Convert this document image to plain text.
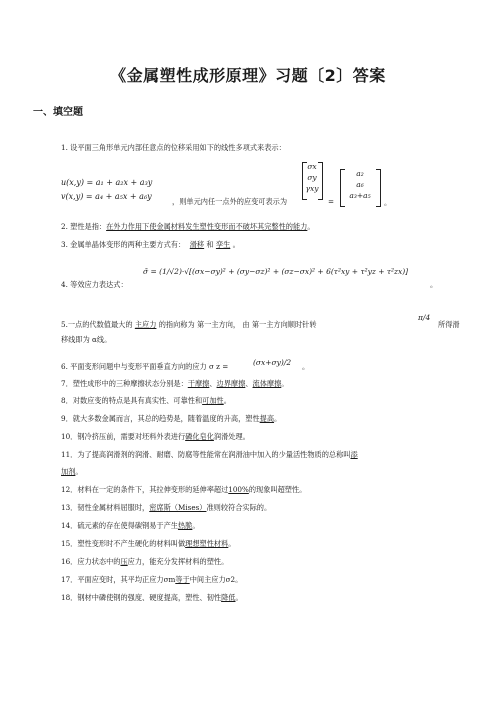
《金属塑性成形原理》习题〔2〕答案
一、填空题
1. 设平面三角形单元内部任意点的位移采用如下的线性多项式来表示：
u(x,y) = a₁ + a₂x + a₃y
v(x,y) = a₄ + a₅x + a₆y
，则单元内任一点外的应变可表示为
σx
σy
γxy
=
a₂
a₆
a₃+a₅
。
2. 塑性是指：在外力作用下使金属材料发生塑性变形而不破坏其完整性的能力。
3. 金属单晶体变形的两种主要方式有： 滑移 和 孪生 。
4. 等效应力表达式：
σ̄ = (1/√2)·√[(σx−σy)² + (σy−σz)² + (σz−σx)² + 6(τ²xy + τ²yz + τ²zx)]
。
5.一点的代数值最大的 主应力 的指向称为 第一主方向， 由 第一主方向顺时针转
π/4
所得滑
移线即为 α线。
6. 平面变形问题中与变形平面垂直方向的应力 σ z =	(σx+σy)/2 。
7．塑性成形中的三种摩擦状态分别是：干摩擦、边界摩擦、流体摩擦。
8．对数应变的特点是具有真实性、可靠性和可加性。
9．就大多数金属而言，其总的趋势是，随着温度的升高，塑性提高。
10．钢冷挤压前，需要对坯料外表进行磷化皂化润滑处理。
11．为了提高润滑剂的润滑、耐磨、防腐等性能常在润滑油中加入的少量活性物质的总称叫添
加剂。
12．材料在一定的条件下，其拉伸变形的延伸率超过100%的现象叫超塑性。
13．韧性金属材料屈服时，密席斯（Mises）准则较符合实际的。
14．硫元素的存在使得碳钢易于产生热脆。
15．塑性变形时不产生硬化的材料叫做理想塑性材料。
16．应力状态中的压应力，能充分发挥材料的塑性。
17．平面应变时，其平均正应力σm等于中间主应力σ2。
18．钢材中磷使钢的强度、硬度提高，塑性、韧性降低。
